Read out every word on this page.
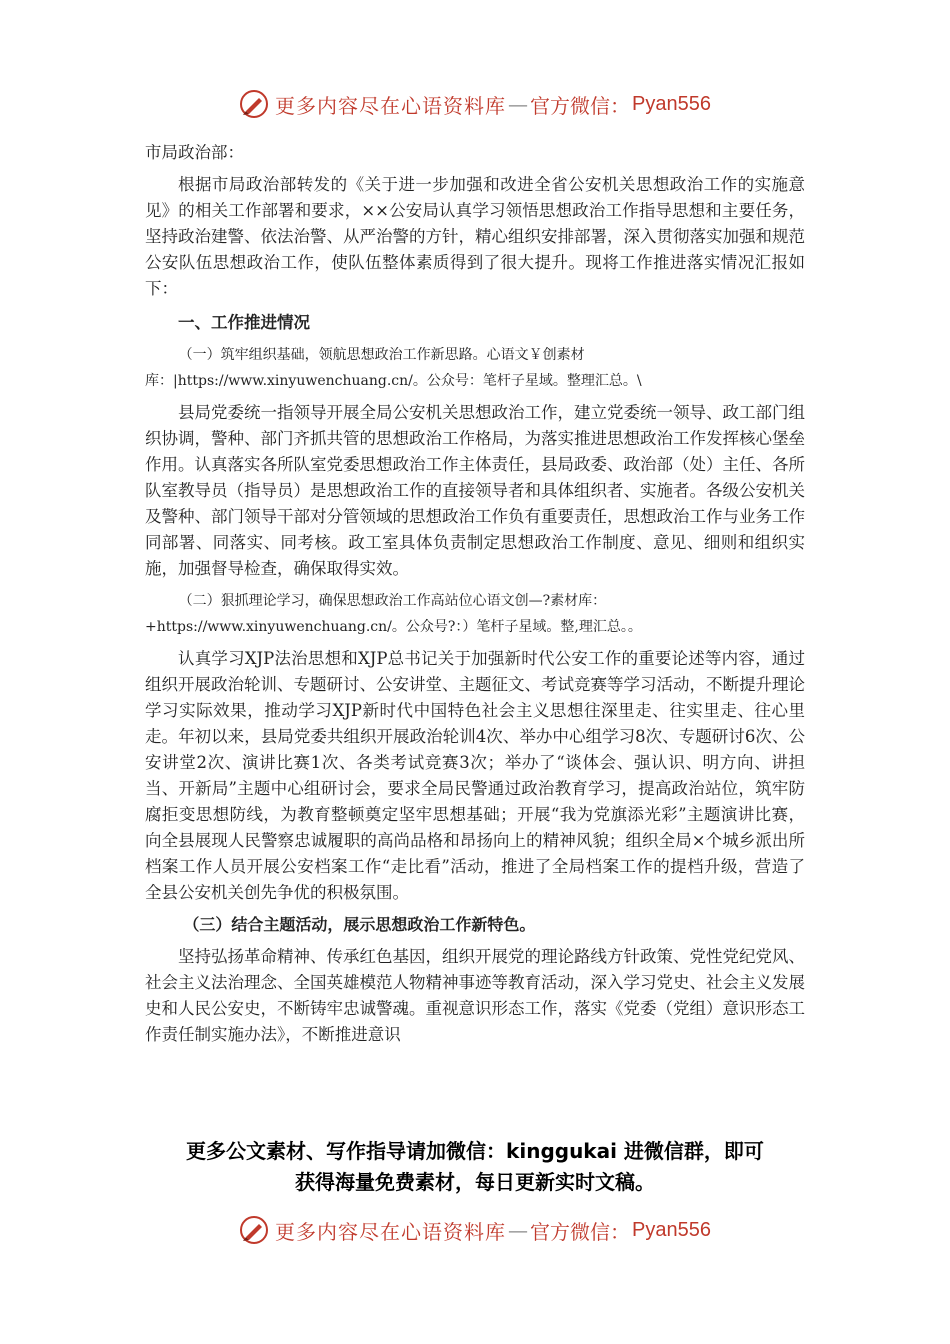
更多内容尽在心语资料库 — 官方微信： Pyan556

市局政治部：

根据市局政治部转发的《关于进一步加强和改进全省公安机关思想政治工作的实施意见》的相关工作部署和要求，××公安局认真学习领悟思想政治工作指导思想和主要任务，坚持政治建警、依法治警、从严治警的方针，精心组织安排部署，深入贯彻落实加强和规范公安队伍思想政治工作，使队伍整体素质得到了很大提升。现将工作推进落实情况汇报如下：

一、工作推进情况

（一）筑牢组织基础，领航思想政治工作新思路。心语文￥创素材库：|https://www.xinyuwenchuang.cn/。公众号：笔杆子星域。整理汇总。\

县局党委统一指领导开展全局公安机关思想政治工作，建立党委统一领导、政工部门组织协调，警种、部门齐抓共管的思想政治工作格局，为落实推进思想政治工作发挥核心堡垒作用。认真落实各所队室党委思想政治工作主体责任，县局政委、政治部（处）主任、各所队室教导员（指导员）是思想政治工作的直接领导者和具体组织者、实施者。各级公安机关及警种、部门领导干部对分管领域的思想政治工作负有重要责任，思想政治工作与业务工作同部署、同落实、同考核。政工室具体负责制定思想政治工作制度、意见、细则和组织实施，加强督导检查，确保取得实效。

（二）狠抓理论学习，确保思想政治工作高站位心语文创—?素材库：+https://www.xinyuwenchuang.cn/。公众号?：）笔杆子星域。整,理汇总。。

认真学习XJP法治思想和XJP总书记关于加强新时代公安工作的重要论述等内容，通过组织开展政治轮训、专题研讨、公安讲堂、主题征文、考试竞赛等学习活动，不断提升理论学习实际效果，推动学习XJP新时代中国特色社会主义思想往深里走、往实里走、往心里走。年初以来，县局党委共组织开展政治轮训4次、举办中心组学习8次、专题研讨6次、公安讲堂2次、演讲比赛1次、各类考试竞赛3次；举办了“谈体会、强认识、明方向、讲担当、开新局”主题中心组研讨会，要求全局民警通过政治教育学习，提高政治站位，筑牢防腐拒变思想防线，为教育整顿奠定坚牢思想基础；开展“我为党旗添光彩”主题演讲比赛，向全县展现人民警察忠诚履职的高尚品格和昂扬向上的精神风貌；组织全局×个城乡派出所档案工作人员开展公安档案工作“走比看”活动，推进了全局档案工作的提档升级，营造了全县公安机关创先争优的积极氛围。

（三）结合主题活动，展示思想政治工作新特色。

坚持弘扬革命精神、传承红色基因，组织开展党的理论路线方针政策、党性党纪党风、社会主义法治理念、全国英雄模范人物精神事迹等教育活动，深入学习党史、社会主义发展史和人民公安史，不断铸牢忠诚警魂。重视意识形态工作，落实《党委（党组）意识形态工作责任制实施办法》，不断推进意识

更多公文素材、写作指导请加微信：kinggukai 进微信群，即可
获得海量免费素材，每日更新实时文稿。
更多内容尽在心语资料库 — 官方微信： Pyan556
